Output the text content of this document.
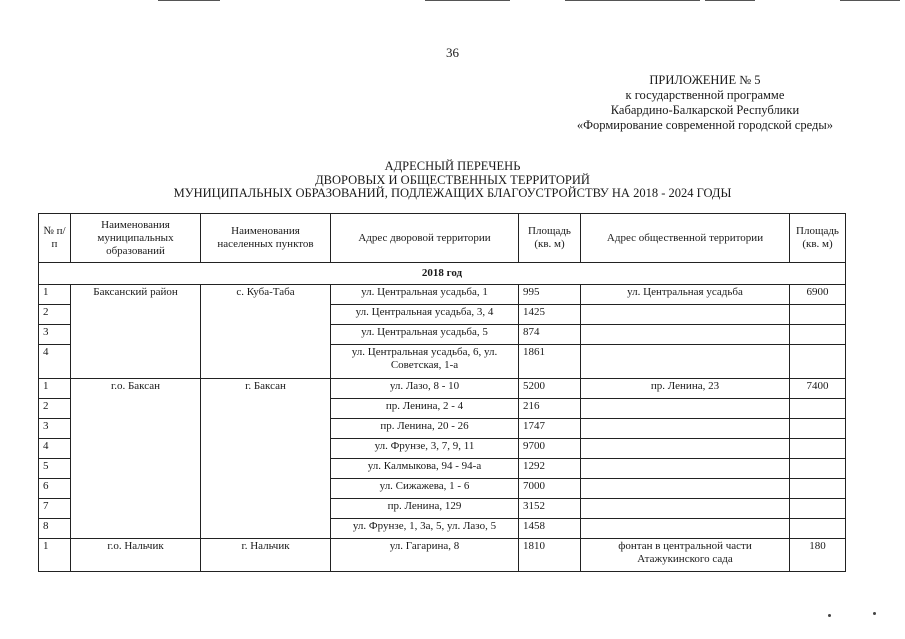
36
ПРИЛОЖЕНИЕ № 5
к государственной программе
Кабардино-Балкарской Республики
«Формирование современной городской среды»
АДРЕСНЫЙ ПЕРЕЧЕНЬ
ДВОРОВЫХ И ОБЩЕСТВЕННЫХ ТЕРРИТОРИЙ
МУНИЦИПАЛЬНЫХ ОБРАЗОВАНИЙ, ПОДЛЕЖАЩИХ БЛАГОУСТРОЙСТВУ НА 2018 - 2024 ГОДЫ
№ п/п	Наименования муниципальных образований	Наименования населенных пунктов	Адрес дворовой территории	Площадь (кв. м)	Адрес общественной территории	Площадь (кв. м)
2018 год						
1	Баксанский район	с. Куба-Таба	ул. Центральная усадьба, 1	995	ул. Центральная усадьба	6900
2			ул. Центральная усадьба, 3, 4	1425		
3			ул. Центральная усадьба, 5	874		
4			ул. Центральная усадьба, 6, ул. Советская, 1-а	1861		
1	г.о. Баксан	г. Баксан	ул. Лазо, 8 - 10	5200	пр. Ленина, 23	7400
2			пр. Ленина, 2 - 4	216		
3			пр. Ленина, 20 - 26	1747		
4			ул. Фрунзе, 3, 7, 9, 11	9700		
5			ул. Калмыкова, 94 - 94-а	1292		
6			ул. Сижажева, 1 - 6	7000		
7			пр. Ленина, 129	3152		
8			ул. Фрунзе, 1, 3а, 5, ул. Лазо, 5	1458		
1	г.о. Нальчик	г. Нальчик	ул. Гагарина, 8	1810	фонтан в центральной части Атажукинского сада	180
